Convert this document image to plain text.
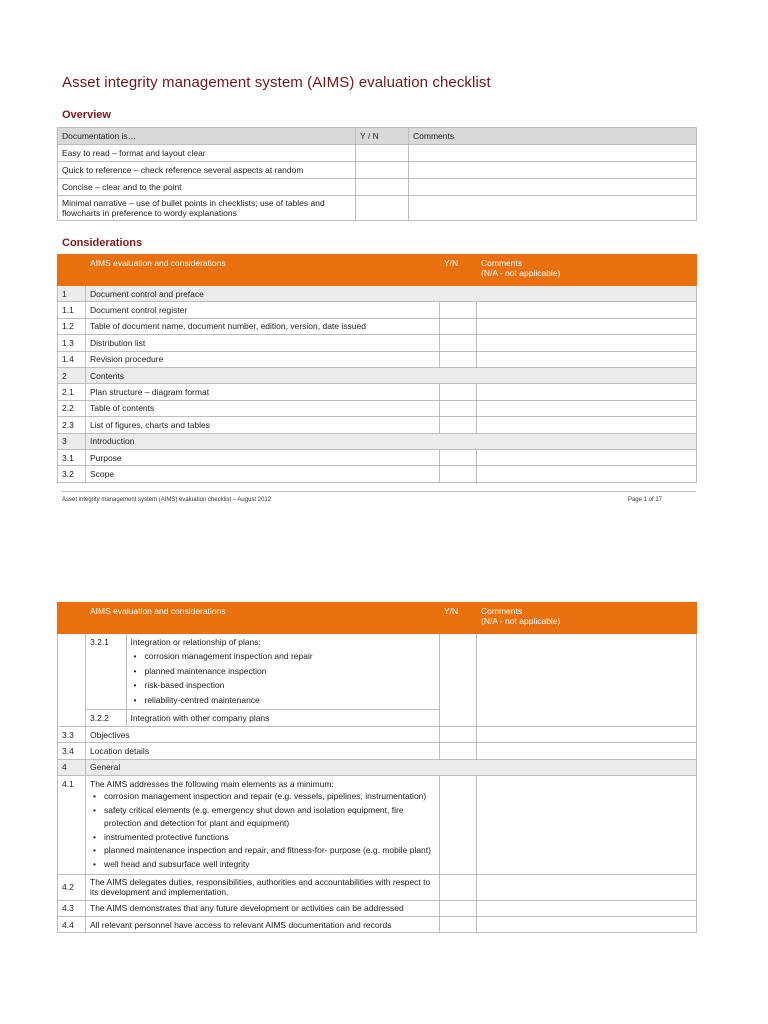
Asset integrity management system (AIMS) evaluation checklist
Overview
Documentation is…	Y / N	Comments
Easy to read – format and layout clear		
Quick to reference – check reference several aspects at random		
Concise – clear and to the point		
Minimal narrative – use of bullet points in checklists; use of tables and flowcharts in preference to wordy explanations		
Considerations
	AIMS evaluation and considerations	Y/N	Comments
(N/A - not applicable)

1	Document control and preface		
1.1	Document control register		
1.2	Table of document name, document number, edition, version, date issued		
1.3	Distribution list		
1.4	Revision procedure		
2	Contents		
2.1	Plan structure – diagram format		
2.2	Table of contents		
2.3	List of figures, charts and tables		
3	Introduction		
3.1	Purpose		
3.2	Scope		
Asset integrity management system (AIMS) evaluation checklist – August 2012	Page 1 of 17
	AIMS evaluation and considerations	Y/N	Comments
(N/A - not applicable)

3.2.1	Integration or relationship of plans:
• corrosion management inspection and repair
• planned maintenance inspection
• risk-based inspection
• reliability-centred maintenance

3.2.2	Integration with other company plans

3.3	Objectives		
3.4	Location details		
4	General
4.1	The AIMS addresses the following main elements as a minimum:
• corrosion management inspection and repair (e.g. vessels, pipelines, instrumentation)
• safety critical elements (e.g. emergency shut down and isolation equipment, fire protection and detection for plant and equipment)
• instrumented protective functions
• planned maintenance inspection and repair, and fitness-for- purpose (e.g. mobile plant)
• well head and subsurface well integrity

4.2	The AIMS delegates duties, responsibilities, authorities and accountabilities with respect to its development and implementation.		
4.3	The AIMS demonstrates that any future development or activities can be addressed		
4.4	All relevant personnel have access to relevant AIMS documentation and records		
